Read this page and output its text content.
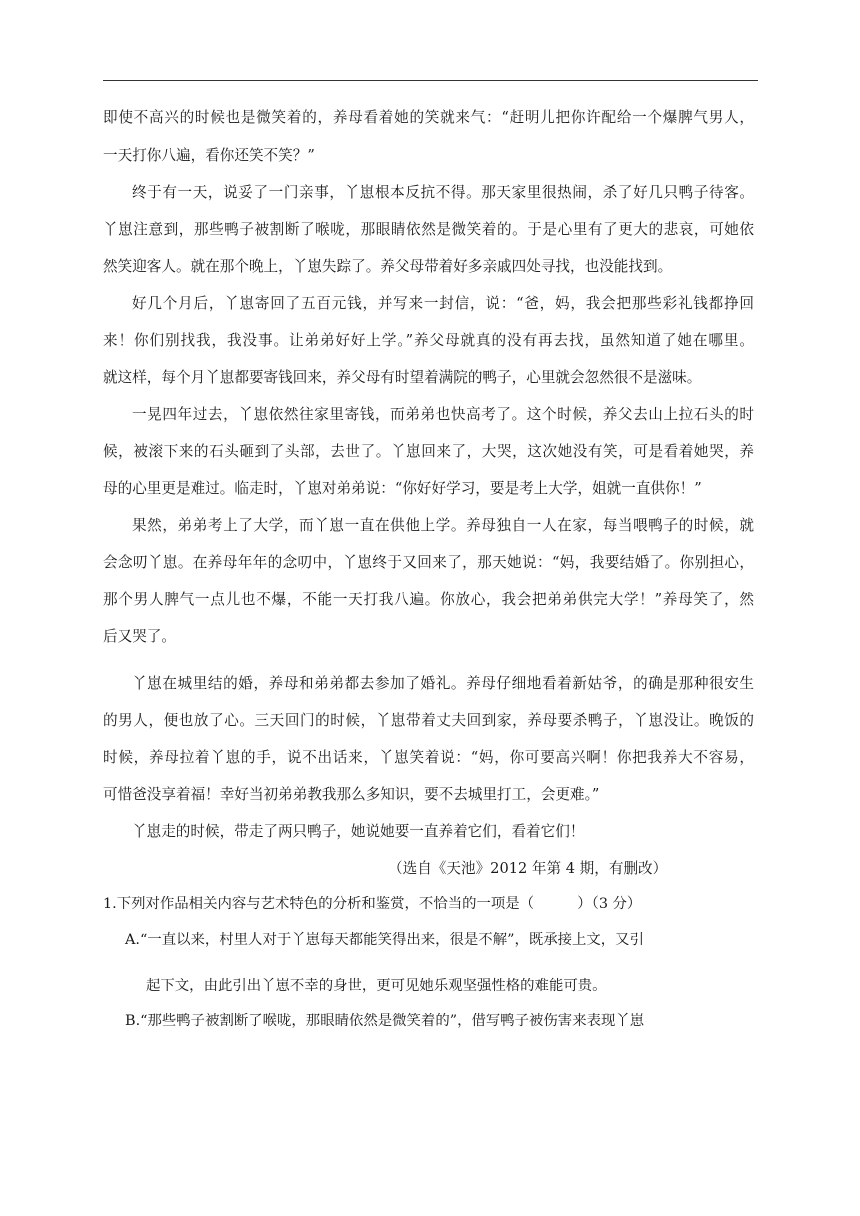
即使不高兴的时候也是微笑着的，养母看着她的笑就来气：“赶明儿把你许配给一个爆脾气男人，
一天打你八遍，看你还笑不笑？”
终于有一天，说妥了一门亲事，丫崽根本反抗不得。那天家里很热闹，杀了好几只鸭子待客。
丫崽注意到，那些鸭子被割断了喉咙，那眼睛依然是微笑着的。于是心里有了更大的悲哀，可她依
然笑迎客人。就在那个晚上，丫崽失踪了。养父母带着好多亲戚四处寻找，也没能找到。
好几个月后，丫崽寄回了五百元钱，并写来一封信，说：“爸，妈，我会把那些彩礼钱都挣回
来！你们别找我，我没事。让弟弟好好上学。”养父母就真的没有再去找，虽然知道了她在哪里。
就这样，每个月丫崽都要寄钱回来，养父母有时望着满院的鸭子，心里就会忽然很不是滋味。
一晃四年过去，丫崽依然往家里寄钱，而弟弟也快高考了。这个时候，养父去山上拉石头的时
候，被滚下来的石头砸到了头部，去世了。丫崽回来了，大哭，这次她没有笑，可是看着她哭，养
母的心里更是难过。临走时，丫崽对弟弟说：“你好好学习，要是考上大学，姐就一直供你！”
果然，弟弟考上了大学，而丫崽一直在供他上学。养母独自一人在家，每当喂鸭子的时候，就
会念叨丫崽。在养母年年的念叨中，丫崽终于又回来了，那天她说：“妈，我要结婚了。你别担心，
那个男人脾气一点儿也不爆，不能一天打我八遍。你放心，我会把弟弟供完大学！”养母笑了，然
后又哭了。
丫崽在城里结的婚，养母和弟弟都去参加了婚礼。养母仔细地看着新姑爷，的确是那种很安生
的男人，便也放了心。三天回门的时候，丫崽带着丈夫回到家，养母要杀鸭子，丫崽没让。晚饭的
时候，养母拉着丫崽的手，说不出话来，丫崽笑着说：“妈，你可要高兴啊！你把我养大不容易，
可惜爸没享着福！幸好当初弟弟教我那么多知识，要不去城里打工，会更难。”
丫崽走的时候，带走了两只鸭子，她说她要一直养着它们，看着它们！
（选自《天池》2012 年第 4 期，有删改）
1.下列对作品相关内容与艺术特色的分析和鉴赏，不恰当的一项是（　　　）（3 分）
A.“一直以来，村里人对于丫崽每天都能笑得出来，很是不解”，既承接上文，又引
起下文，由此引出丫崽不幸的身世，更可见她乐观坚强性格的难能可贵。
B.“那些鸭子被割断了喉咙，那眼睛依然是微笑着的”，借写鸭子被伤害来表现丫崽
